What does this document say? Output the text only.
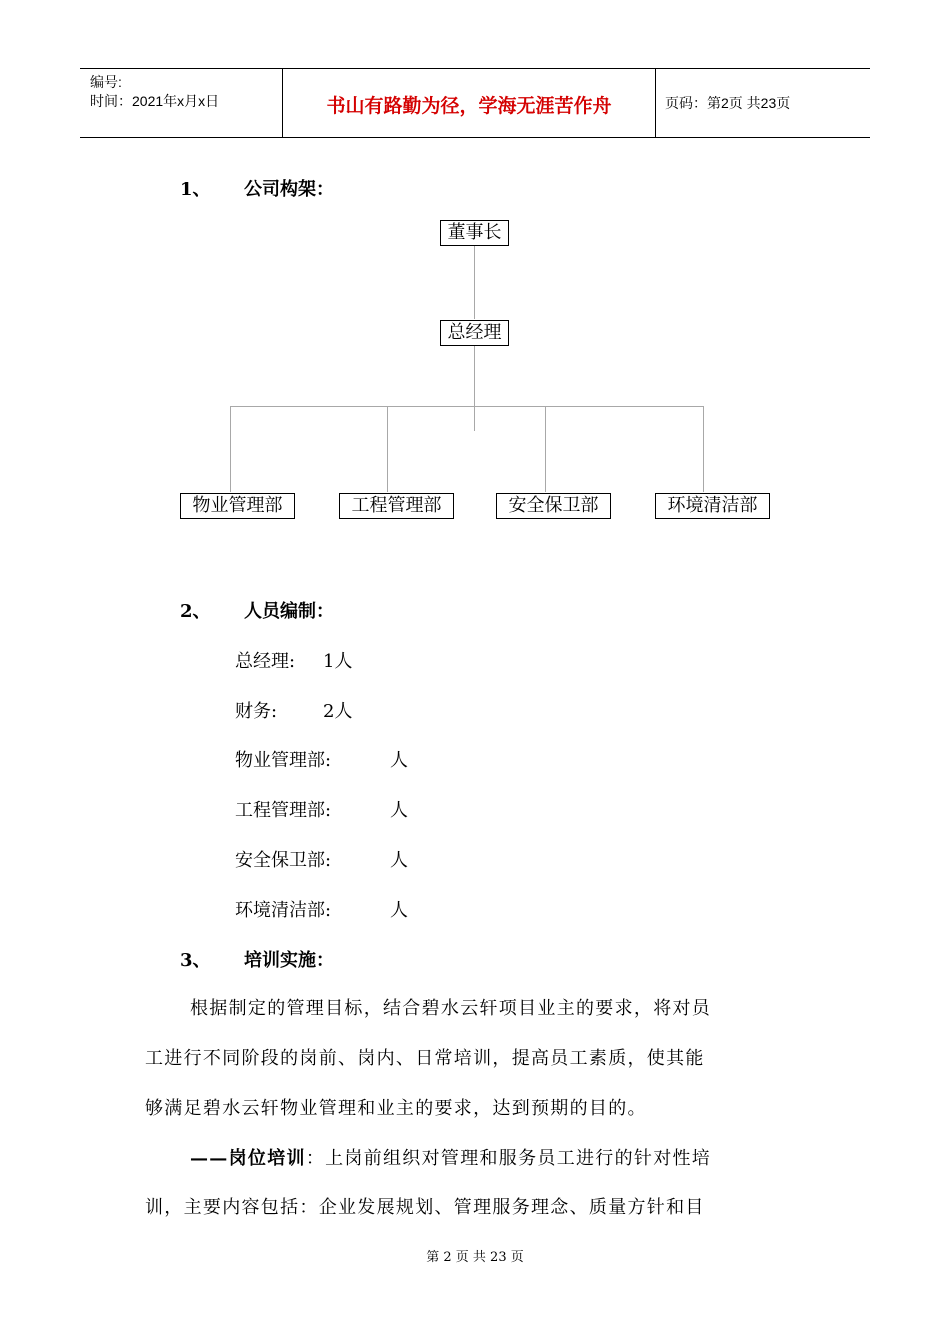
编号:
时间：2021年x月x日	书山有路勤为径，学海无涯苦作舟	页码：第2页 共23页
1、 公司构架：
董事长
总经理
物业管理部	工程管理部	安全保卫部	环境清洁部
2、 人员编制：
总经理: 1人
财务:	2人
物业管理部:	人
工程管理部:	人
安全保卫部:	人
环境清洁部:	人
3、 培训实施：
根据制定的管理目标，结合碧水云轩项目业主的要求，将对员
工进行不同阶段的岗前、岗内、日常培训，提高员工素质，使其能
够满足碧水云轩物业管理和业主的要求，达到预期的目的。
——岗位培训：上岗前组织对管理和服务员工进行的针对性培
训，主要内容包括：企业发展规划、管理服务理念、质量方针和目
第 2 页 共 23 页
